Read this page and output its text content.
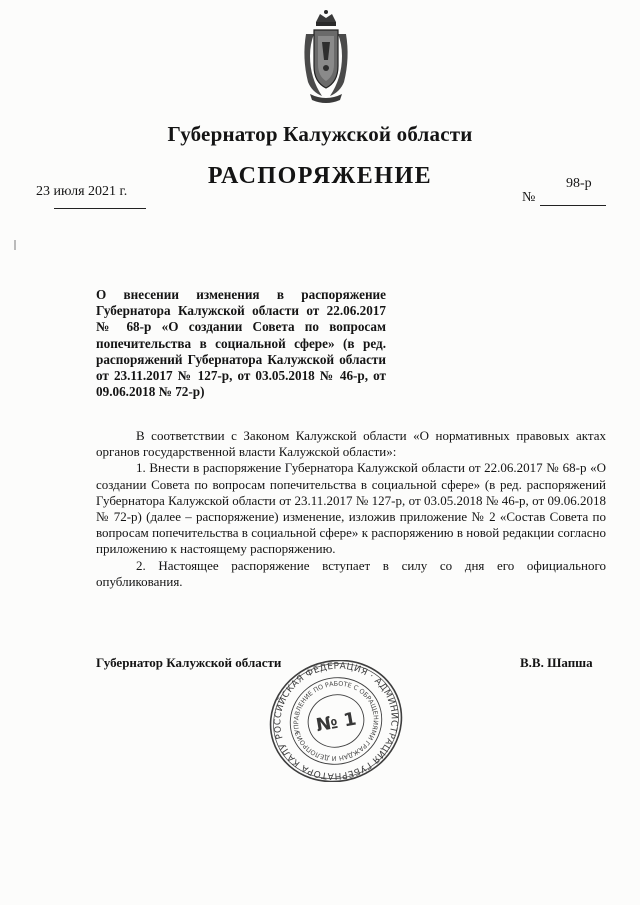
Губернатор Калужской области
РАСПОРЯЖЕНИЕ
23 июля 2021 г.	№
98-р
О внесении изменения в распоряжение Губернатора Калужской области от 22.06.2017 № 68-р «О создании Совета по вопросам попечительства в социальной сфере» (в ред. распоряжений Губернатора Калужской области от 23.11.2017 № 127-р, от 03.05.2018 № 46-р, от 09.06.2018 № 72-р)

В соответствии с Законом Калужской области «О нормативных правовых актах органов государственной власти Калужской области»:

1. Внести в распоряжение Губернатора Калужской области от 22.06.2017 № 68-р «О создании Совета по вопросам попечительства в социальной сфере» (в ред. распоряжений Губернатора Калужской области от 23.11.2017 № 127-р, от 03.05.2018 № 46-р, от 09.06.2018 № 72-р) (далее – распоряжение) изменение, изложив приложение № 2 «Состав Совета по вопросам попечительства в социальной сфере» к распоряжению в новой редакции согласно приложению к настоящему распоряжению.

2. Настоящее распоряжение вступает в силу со дня его официального опубликования.

Губернатор Калужской области	В.В. Шапша
РОССИЙСКАЯ ФЕДЕРАЦИЯ · АДМИНИСТРАЦИЯ ГУБЕРНАТОРА КАЛУЖСКОЙ
УПРАВЛЕНИЕ ПО РАБОТЕ С ОБРАЩЕНИЯМИ ГРАЖДАН И ДЕЛОПРОИЗВОДСТВУ
№ 1
